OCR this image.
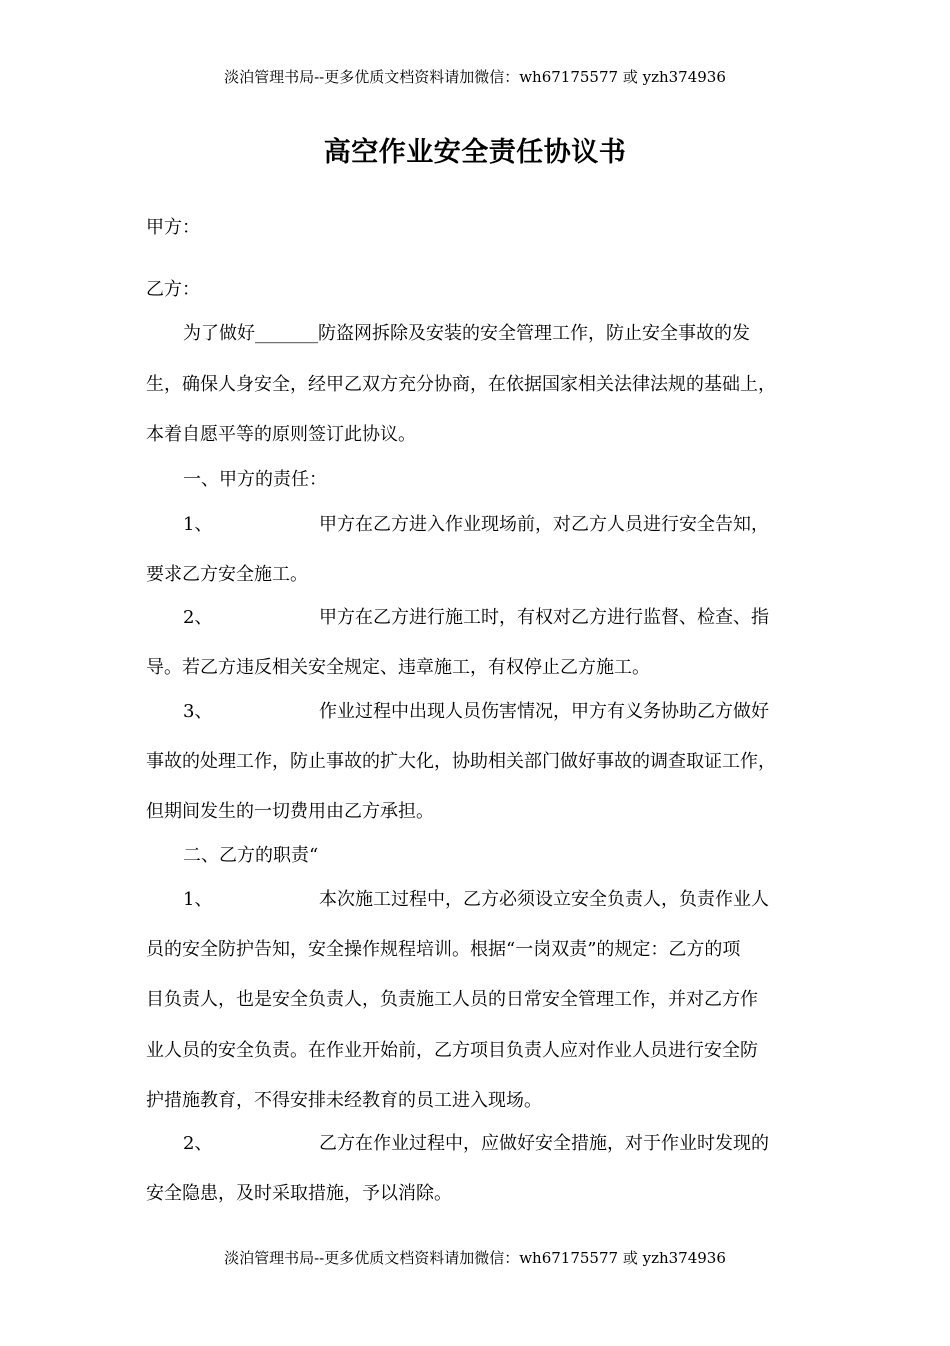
淡泊管理书局--更多优质文档资料请加微信：wh67175577 或 yzh374936
高空作业安全责任协议书
甲方：
乙方：
为了做好_______防盗网拆除及安装的安全管理工作，防止安全事故的发
生，确保人身安全，经甲乙双方充分协商，在依据国家相关法律法规的基础上，
本着自愿平等的原则签订此协议。
一、甲方的责任：
1、	甲方在乙方进入作业现场前，对乙方人员进行安全告知，
要求乙方安全施工。
2、	甲方在乙方进行施工时，有权对乙方进行监督、检查、指
导。若乙方违反相关安全规定、违章施工，有权停止乙方施工。
3、	作业过程中出现人员伤害情况，甲方有义务协助乙方做好
事故的处理工作，防止事故的扩大化，协助相关部门做好事故的调查取证工作，
但期间发生的一切费用由乙方承担。
二、乙方的职责“
1、	本次施工过程中，乙方必须设立安全负责人，负责作业人
员的安全防护告知，安全操作规程培训。根据“一岗双责”的规定：乙方的项
目负责人，也是安全负责人，负责施工人员的日常安全管理工作，并对乙方作
业人员的安全负责。在作业开始前，乙方项目负责人应对作业人员进行安全防
护措施教育，不得安排未经教育的员工进入现场。
2、	乙方在作业过程中，应做好安全措施，对于作业时发现的
安全隐患，及时采取措施，予以消除。
淡泊管理书局--更多优质文档资料请加微信：wh67175577 或 yzh374936
